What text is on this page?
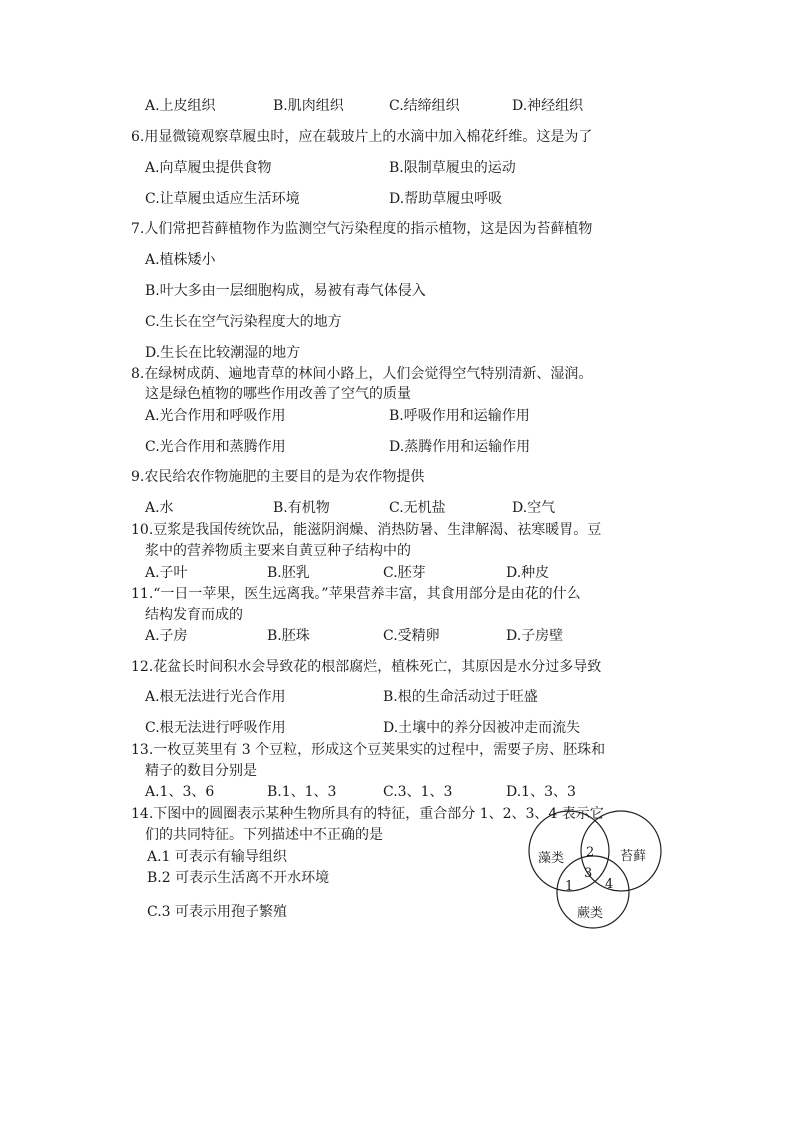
A.上皮组织	B.肌肉组织	C.结缔组织	D.神经组织
6.用显微镜观察草履虫时，应在载玻片上的水滴中加入棉花纤维。这是为了
A.向草履虫提供食物	B.限制草履虫的运动
C.让草履虫适应生活环境	D.帮助草履虫呼吸
7.人们常把苔藓植物作为监测空气污染程度的指示植物，这是因为苔藓植物
A.植株矮小
B.叶大多由一层细胞构成，易被有毒气体侵入
C.生长在空气污染程度大的地方
D.生长在比较潮湿的地方
8.在绿树成荫、遍地青草的林间小路上，人们会觉得空气特别清新、湿润。
这是绿色植物的哪些作用改善了空气的质量
A.光合作用和呼吸作用	B.呼吸作用和运输作用
C.光合作用和蒸腾作用	D.蒸腾作用和运输作用
9.农民给农作物施肥的主要目的是为农作物提供
A.水	B.有机物	C.无机盐	D.空气
10.豆浆是我国传统饮品，能滋阴润燥、消热防暑、生津解渴、祛寒暖胃。豆
浆中的营养物质主要来自黄豆种子结构中的
A.子叶	B.胚乳	C.胚芽	D.种皮
11.“一日一苹果，医生远离我。”苹果营养丰富，其食用部分是由花的什么
结构发育而成的
A.子房	B.胚珠	C.受精卵	D.子房壁
12.花盆长时间积水会导致花的根部腐烂，植株死亡，其原因是水分过多导致
A.根无法进行光合作用	B.根的生命活动过于旺盛
C.根无法进行呼吸作用	D.土壤中的养分因被冲走而流失
13.一枚豆荚里有 3 个豆粒，形成这个豆荚果实的过程中，需要子房、胚珠和
精子的数目分别是
A.1、3、6	B.1、1、3	C.3、1、3	D.1、3、3
14.下图中的圆圈表示某种生物所具有的特征，重合部分 1、2、3、4 表示它
们的共同特征。下列描述中不正确的是
A.1 可表示有输导组织
B.2 可表示生活离不开水环境
C.3 可表示用孢子繁殖
藻类	苔藓
蕨类
2
3
1 4
